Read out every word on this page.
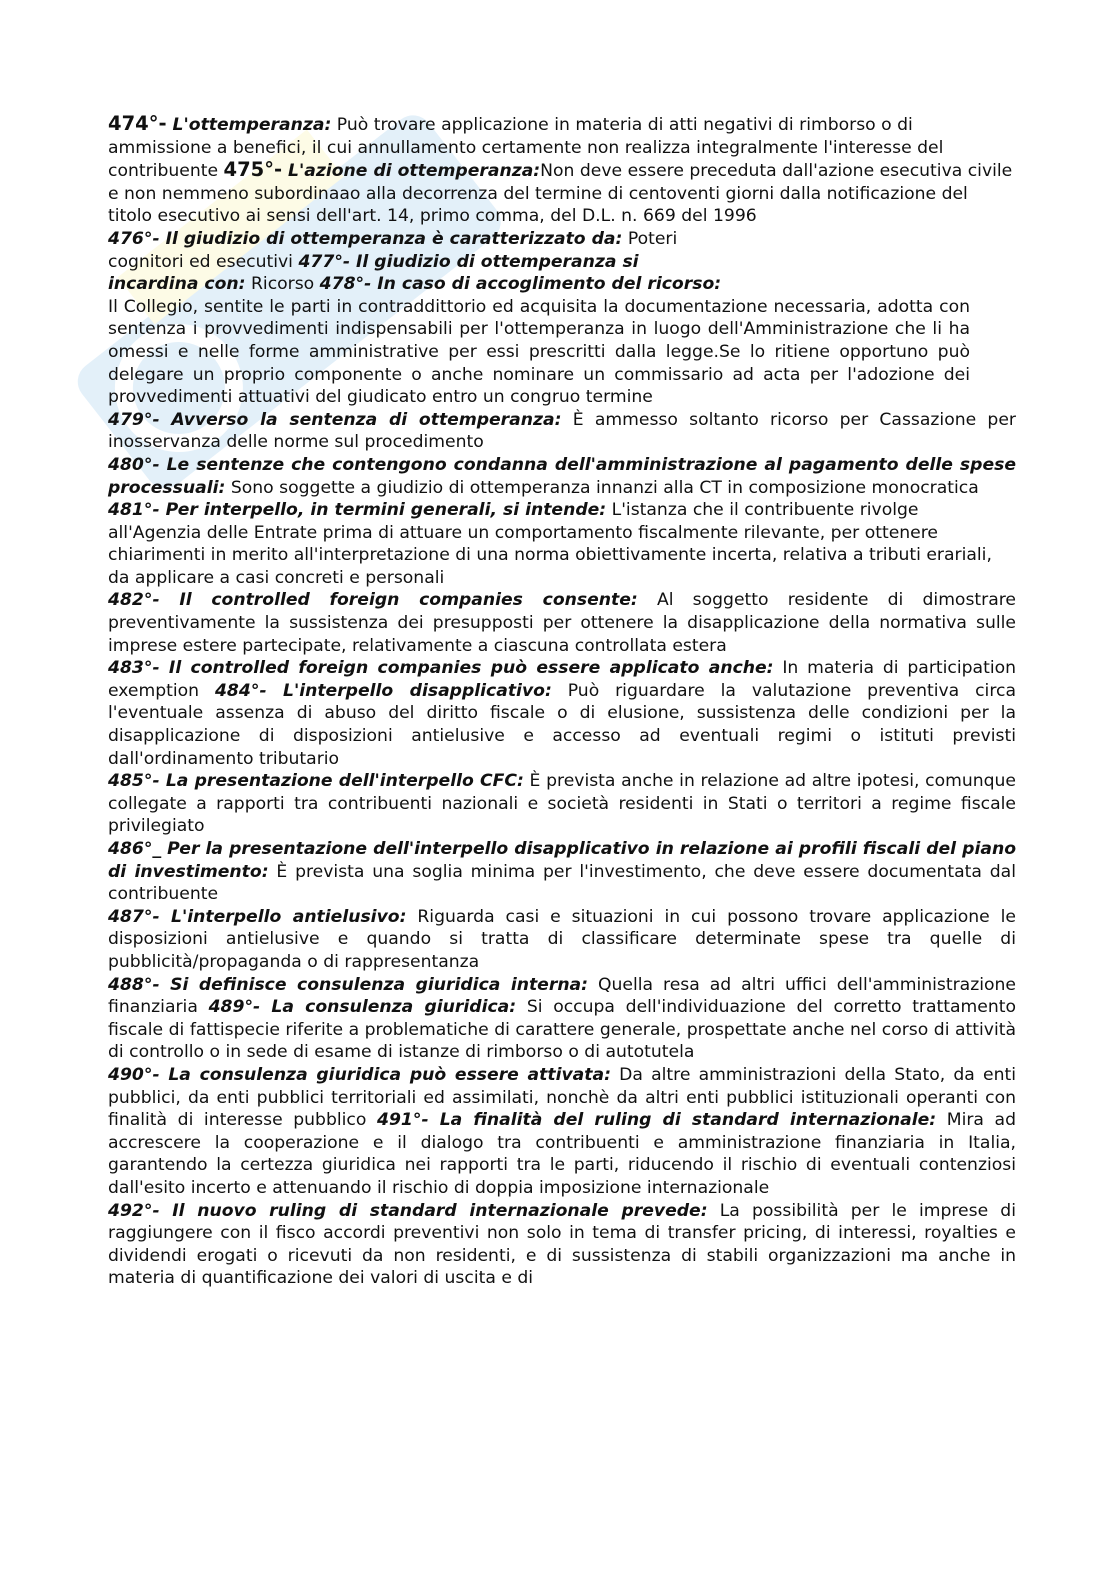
474°- L'ottemperanza: Può trovare applicazione in materia di atti negativi di rimborso o di ammissione a benefici, il cui annullamento certamente non realizza integralmente l'interesse del contribuente 475°- L'azione di ottemperanza:Non deve essere preceduta dall'azione esecutiva civile e non nemmeno subordinaao alla decorrenza del termine di centoventi giorni dalla notificazione del titolo esecutivo ai sensi dell'art. 14, primo comma, del D.L. n. 669 del 1996

476°- Il giudizio di ottemperanza è caratterizzato da: Poteri cognitori ed esecutivi 477°- Il giudizio di ottemperanza si incardina con: Ricorso 478°- In caso di accoglimento del ricorso:

Il Collegio, sentite le parti in contraddittorio ed acquisita la documentazione necessaria, adotta con sentenza i provvedimenti indispensabili per l'ottemperanza in luogo dell'Amministrazione che li ha omessi e nelle forme amministrative per essi prescritti dalla legge.Se lo ritiene opportuno può delegare un proprio componente o anche nominare un commissario ad acta per l'adozione dei provvedimenti attuativi del giudicato entro un congruo termine

479°- Avverso la sentenza di ottemperanza: È ammesso soltanto ricorso per Cassazione per inosservanza delle norme sul procedimento

480°- Le sentenze che contengono condanna dell'amministrazione al pagamento delle spese processuali: Sono soggette a giudizio di ottemperanza innanzi alla CT in composizione monocratica

481°- Per interpello, in termini generali, si intende: L'istanza che il contribuente rivolge all'Agenzia delle Entrate prima di attuare un comportamento fiscalmente rilevante, per ottenere chiarimenti in merito all'interpretazione di una norma obiettivamente incerta, relativa a tributi erariali, da applicare a casi concreti e personali

482°- Il controlled foreign companies consente: Al soggetto residente di dimostrare preventivamente la sussistenza dei presupposti per ottenere la disapplicazione della normativa sulle imprese estere partecipate, relativamente a ciascuna controllata estera

483°- Il controlled foreign companies può essere applicato anche: In materia di participation exemption 484°- L'interpello disapplicativo: Può riguardare la valutazione preventiva circa l'eventuale assenza di abuso del diritto fiscale o di elusione, sussistenza delle condizioni per la disapplicazione di disposizioni antielusive e accesso ad eventuali regimi o istituti previsti dall'ordinamento tributario

485°- La presentazione dell'interpello CFC: È prevista anche in relazione ad altre ipotesi, comunque collegate a rapporti tra contribuenti nazionali e società residenti in Stati o territori a regime fiscale privilegiato

486°_ Per la presentazione dell'interpello disapplicativo in relazione ai profili fiscali del piano di investimento: È prevista una soglia minima per l'investimento, che deve essere documentata dal contribuente

487°- L'interpello antielusivo: Riguarda casi e situazioni in cui possono trovare applicazione le disposizioni antielusive e quando si tratta di classificare determinate spese tra quelle di pubblicità/propaganda o di rappresentanza

488°- Si definisce consulenza giuridica interna: Quella resa ad altri uffici dell'amministrazione finanziaria 489°- La consulenza giuridica: Si occupa dell'individuazione del corretto trattamento fiscale di fattispecie riferite a problematiche di carattere generale, prospettate anche nel corso di attività di controllo o in sede di esame di istanze di rimborso o di autotutela

490°- La consulenza giuridica può essere attivata: Da altre amministrazioni della Stato, da enti pubblici, da enti pubblici territoriali ed assimilati, nonchè da altri enti pubblici istituzionali operanti con finalità di interesse pubblico 491°- La finalità del ruling di standard internazionale: Mira ad accrescere la cooperazione e il dialogo tra contribuenti e amministrazione finanziaria in Italia, garantendo la certezza giuridica nei rapporti tra le parti, riducendo il rischio di eventuali contenziosi dall'esito incerto e attenuando il rischio di doppia imposizione internazionale

492°- Il nuovo ruling di standard internazionale prevede: La possibilità per le imprese di raggiungere con il fisco accordi preventivi non solo in tema di transfer pricing, di interessi, royalties e dividendi erogati o ricevuti da non residenti, e di sussistenza di stabili organizzazioni ma anche in materia di quantificazione dei valori di uscita e di
